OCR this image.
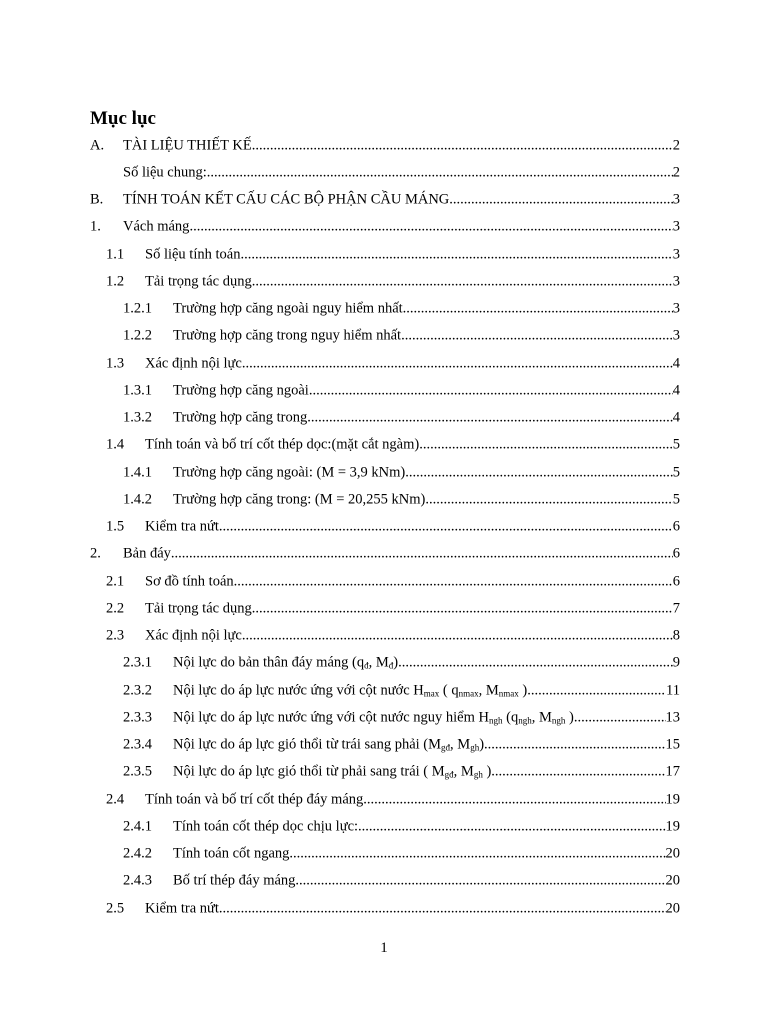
Mục lục
A. TÀI LIỆU THIẾT KẾ .....	2
Số liệu chung: .....	2
B. TÍNH TOÁN KẾT CẤU CÁC BỘ PHẬN CẦU MÁNG .....	3
1. Vách máng .....	3
1.1 Số liệu tính toán .....	3
1.2 Tải trọng tác dụng .....	3
1.2.1 Trường hợp căng ngoài nguy hiểm nhất .....	3
1.2.2 Trường hợp căng trong nguy hiểm nhất .....	3
1.3 Xác định nội lực .....	4
1.3.1 Trường hợp căng ngoài .....	4
1.3.2 Trường hợp căng trong .....	4
1.4 Tính toán và bố trí cốt thép dọc:(mặt cắt ngàm) .....	5
1.4.1 Trường hợp căng ngoài: (M = 3,9 kNm) .....	5
1.4.2 Trường hợp căng trong: (M = 20,255 kNm) .....	5
1.5 Kiểm tra nứt .....	6
2. Bản đáy .....	6
2.1 Sơ đồ tính toán .....	6
2.2 Tải trọng tác dụng .....	7
2.3 Xác định nội lực .....	8
2.3.1 Nội lực do bản thân đáy máng ($q_đ$, $M_đ$) .....	9
2.3.2 Nội lực do áp lực nước ứng với cột nước $H_{max}$ ( $q_{nmax}$, $M_{nmax}$ ) .....	11
2.3.3 Nội lực do áp lực nước ứng với cột nước nguy hiểm $H_{ngh}$ ($q_{ngh}$, $M_{ngh}$ ) .....	13
2.3.4 Nội lực do áp lực gió thổi từ trái sang phải ($M_{gđ}$, $M_{gh}$) .....	15
2.3.5 Nội lực do áp lực gió thổi từ phải sang trái ( $M_{gđ}$, $M_{gh}$ ) .....	17
2.4 Tính toán và bố trí cốt thép đáy máng .....	19
2.4.1 Tính toán cốt thép dọc chịu lực: .....	19
2.4.2 Tính toán cốt ngang .....	20
2.4.3 Bố trí thép đáy máng .....	20
2.5 Kiểm tra nứt .....	20
1
